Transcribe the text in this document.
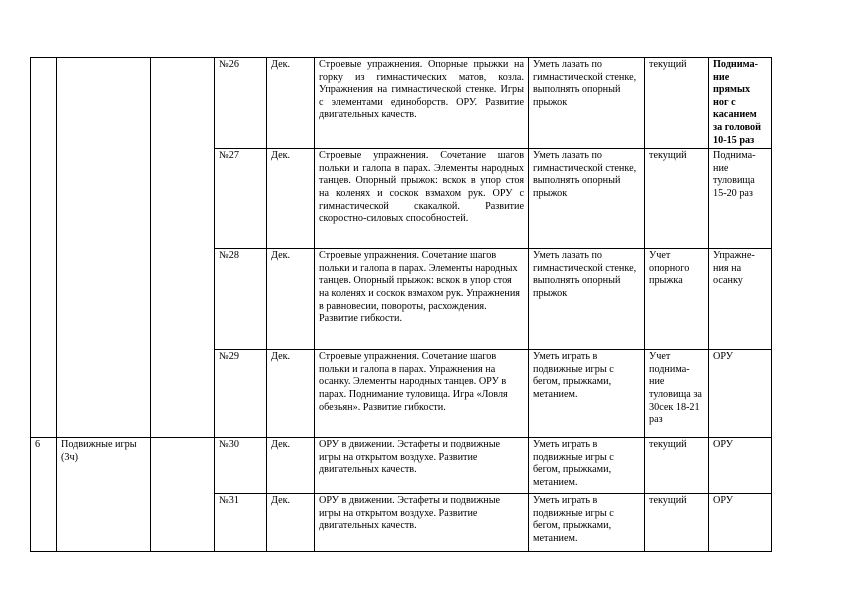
			№26	Дек.	Строевые упражнения. Опорные прыжки на горку из гимнастических матов, козла. Упражнения на гимнастической стенке. Игры с элементами единоборств. ОРУ. Развитие двигательных качеств.	Уметь лазать по гимнастической стенке, выполнять опорный прыжок	текущий	Поднима-ние прямых ног с касанием за головой 10-15 раз
			№27	Дек.	Строевые упражнения. Сочетание шагов польки и галопа в парах. Элементы народных танцев. Опорный прыжок: вскок в упор стоя на коленях и соскок взмахом рук. ОРУ с гимнастической скакалкой. Развитие скоростно-силовых способностей.	Уметь лазать по гимнастической стенке, выполнять опорный прыжок	текущий	Поднима-ние туловища 15-20 раз
			№28	Дек.	Строевые упражнения. Сочетание шагов польки и галопа в парах. Элементы народных танцев. Опорный прыжок: вскок в упор стоя на коленях и соскок взмахом рук. Упражнения в равновесии, повороты, расхождения. Развитие гибкости.	Уметь лазать по гимнастической стенке, выполнять опорный прыжок	Учет опорного прыжка	Упражне-ния на осанку
			№29	Дек.	Строевые упражнения. Сочетание шагов польки и галопа в парах. Упражнения на осанку. Элементы народных танцев. ОРУ в парах. Поднимание туловища. Игра «Ловля обезьян». Развитие гибкости.	Уметь играть в подвижные игры с бегом, прыжками, метанием.	Учет поднима-ние туловища за 30сек 18-21 раз	ОРУ
6	Подвижные игры (3ч)		№30	Дек.	ОРУ в движении. Эстафеты и подвижные игры на открытом воздухе. Развитие двигательных качеств.	Уметь играть в подвижные игры с бегом, прыжками, метанием.	текущий	ОРУ
			№31	Дек.	ОРУ в движении. Эстафеты и подвижные игры на открытом воздухе. Развитие двигательных качеств.	Уметь играть в подвижные игры с бегом, прыжками, метанием.	текущий	ОРУ
